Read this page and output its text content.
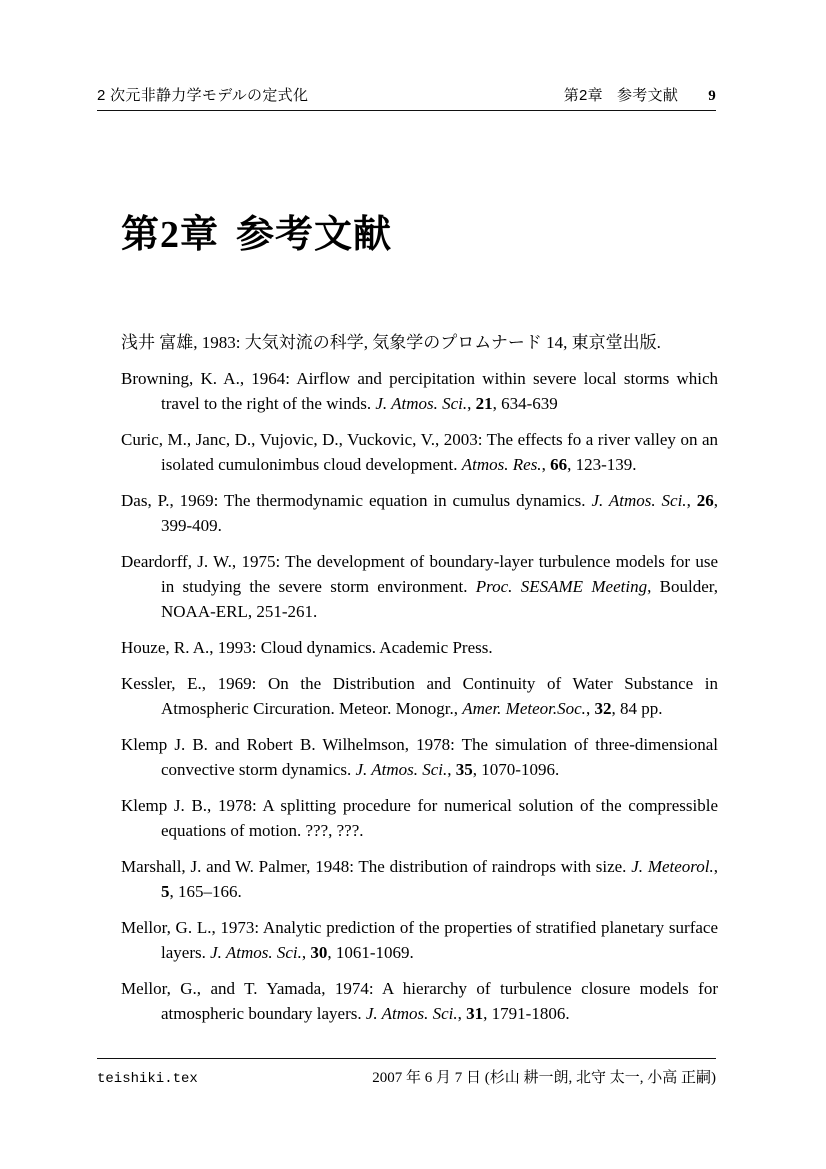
2 次元非静力学モデルの定式化	第2章 参考文献 9
第2章 参考文献
浅井 富雄, 1983: 大気対流の科学, 気象学のプロムナード 14, 東京堂出版.
Browning, K. A., 1964: Airflow and percipitation within severe local storms which travel to the right of the winds. J. Atmos. Sci., 21, 634-639
Curic, M., Janc, D., Vujovic, D., Vuckovic, V., 2003: The effects fo a river valley on an isolated cumulonimbus cloud development. Atmos. Res., 66, 123-139.
Das, P., 1969: The thermodynamic equation in cumulus dynamics. J. Atmos. Sci., 26, 399-409.
Deardorff, J. W., 1975: The development of boundary-layer turbulence models for use in studying the severe storm environment. Proc. SESAME Meeting, Boulder, NOAA-ERL, 251-261.
Houze, R. A., 1993: Cloud dynamics. Academic Press.
Kessler, E., 1969: On the Distribution and Continuity of Water Substance in Atmospheric Circuration. Meteor. Monogr., Amer. Meteor.Soc., 32, 84 pp.
Klemp J. B. and Robert B. Wilhelmson, 1978: The simulation of three-dimensional convective storm dynamics. J. Atmos. Sci., 35, 1070-1096.
Klemp J. B., 1978: A splitting procedure for numerical solution of the compressible equations of motion. ???, ???.
Marshall, J. and W. Palmer, 1948: The distribution of raindrops with size. J. Meteorol., 5, 165–166.
Mellor, G. L., 1973: Analytic prediction of the properties of stratified planetary surface layers. J. Atmos. Sci., 30, 1061-1069.
Mellor, G., and T. Yamada, 1974: A hierarchy of turbulence closure models for atmospheric boundary layers. J. Atmos. Sci., 31, 1791-1806.
teishiki.tex	2007 年 6 月 7 日 (杉山 耕一朗, 北守 太一, 小高 正嗣)
